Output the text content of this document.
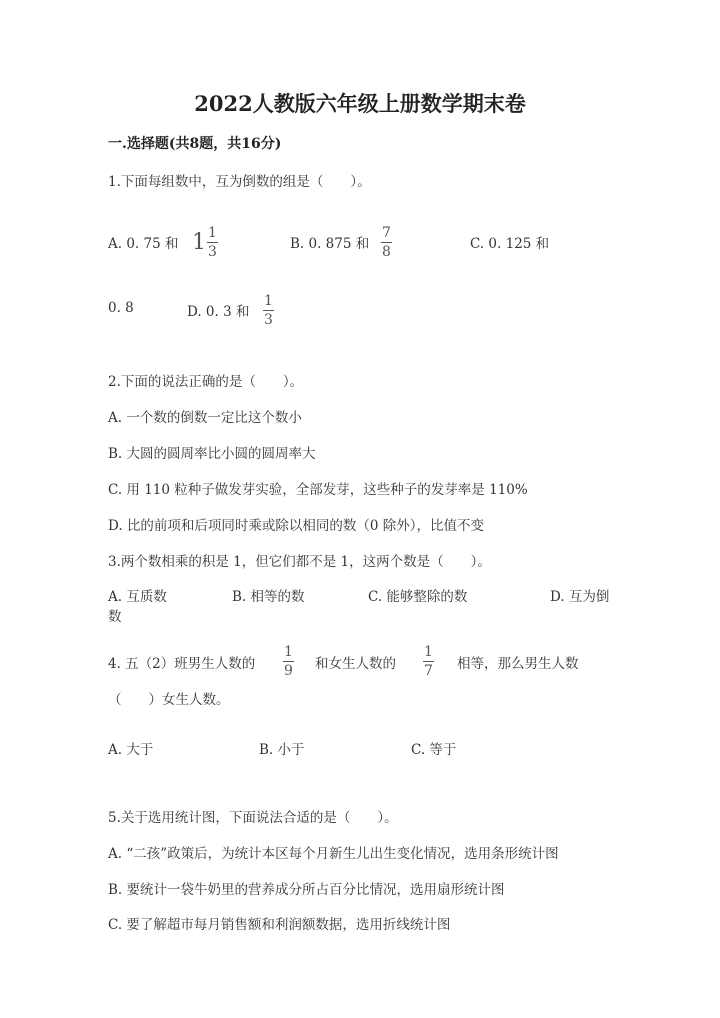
2022人教版六年级上册数学期末卷
一.选择题(共8题，共16分)
1.下面每组数中，互为倒数的组是（　　）。
A. 0. 75 和 $1 \frac{1}{3}$	B. 0. 875 和
7
8	C. 0. 125 和
0. 8	D. 0. 3 和
1
3
2.下面的说法正确的是（　　）。
A. 一个数的倒数一定比这个数小
B. 大圆的圆周率比小圆的圆周率大
C. 用 110 粒种子做发芽实验，全部发芽，这些种子的发芽率是 110%
D. 比的前项和后项同时乘或除以相同的数（0 除外），比值不变
3.两个数相乘的积是 1，但它们都不是 1，这两个数是（　　）。
A. 互质数	B. 相等的数	C. 能够整除的数	D. 互为倒
数
4. 五（2）班男生人数的
1
9 和女生人数的
1
7 相等，那么男生人数
（　　）女生人数。
A. 大于	B. 小于	C. 等于
5.关于选用统计图，下面说法合适的是（　　）。
A. “二孩”政策后，为统计本区每个月新生儿出生变化情况，选用条形统计图
B. 要统计一袋牛奶里的营养成分所占百分比情况，选用扇形统计图
C. 要了解超市每月销售额和利润额数据，选用折线统计图
